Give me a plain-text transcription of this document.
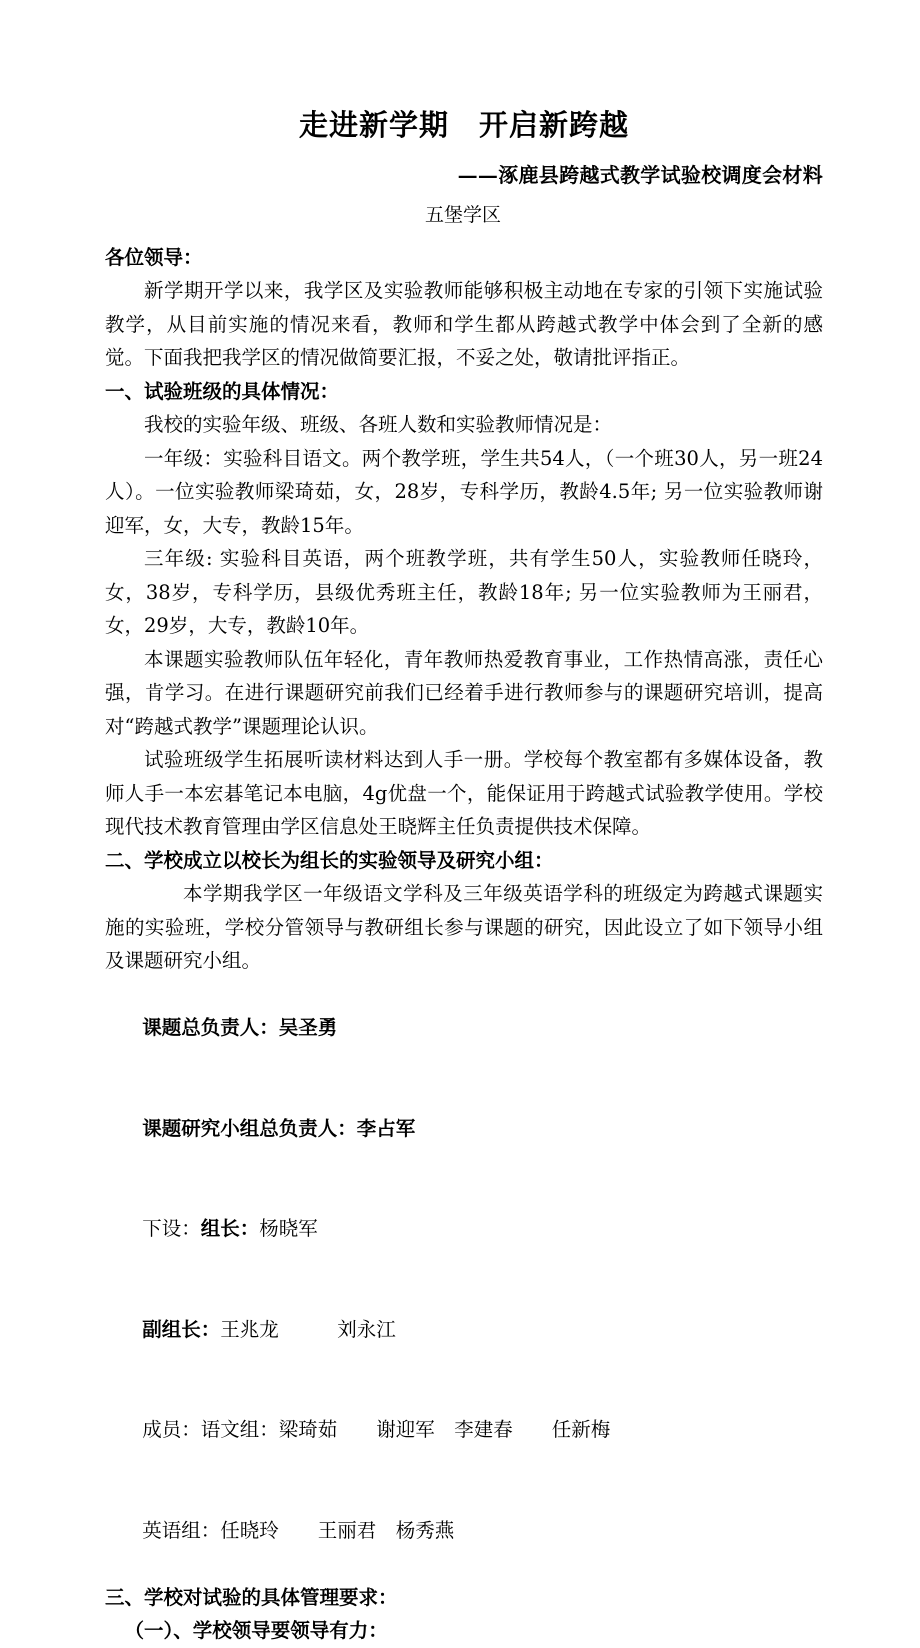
走进新学期　开启新跨越
——涿鹿县跨越式教学试验校调度会材料
五堡学区

各位领导：

新学期开学以来，我学区及实验教师能够积极主动地在专家的引领下实施试验教学，从目前实施的情况来看，教师和学生都从跨越式教学中体会到了全新的感觉。下面我把我学区的情况做简要汇报，不妥之处，敬请批评指正。

一、试验班级的具体情况：

我校的实验年级、班级、各班人数和实验教师情况是：

一年级：实验科目语文。两个教学班，学生共54人，（一个班30人，另一班24人）。一位实验教师梁琦茹，女，28岁，专科学历，教龄4.5年; 另一位实验教师谢迎军，女，大专，教龄15年。

三年级: 实验科目英语，两个班教学班，共有学生50人，实验教师任晓玲，女，38岁，专科学历，县级优秀班主任，教龄18年; 另一位实验教师为王丽君，女，29岁，大专，教龄10年。

本课题实验教师队伍年轻化，青年教师热爱教育事业，工作热情高涨，责任心强，肯学习。在进行课题研究前我们已经着手进行教师参与的课题研究培训，提高对“跨越式教学”课题理论认识。

试验班级学生拓展听读材料达到人手一册。学校每个教室都有多媒体设备，教师人手一本宏碁笔记本电脑，4g优盘一个，能保证用于跨越式试验教学使用。学校现代技术教育管理由学区信息处王晓辉主任负责提供技术保障。

二、学校成立以校长为组长的实验领导及研究小组：

本学期我学区一年级语文学科及三年级英语学科的班级定为跨越式课题实施的实验班，学校分管领导与教研组长参与课题的研究，因此设立了如下领导小组及课题研究小组。

课题总负责人：吴圣勇

课题研究小组总负责人：李占军

下设：组长：杨晓军

副组长：王兆龙　　　刘永江

成员：语文组：梁琦茹　　谢迎军　李建春　　任新梅

英语组：任晓玲　　王丽君　杨秀燕

三、学校对试验的具体管理要求：
（一）、学校领导要领导有力：
